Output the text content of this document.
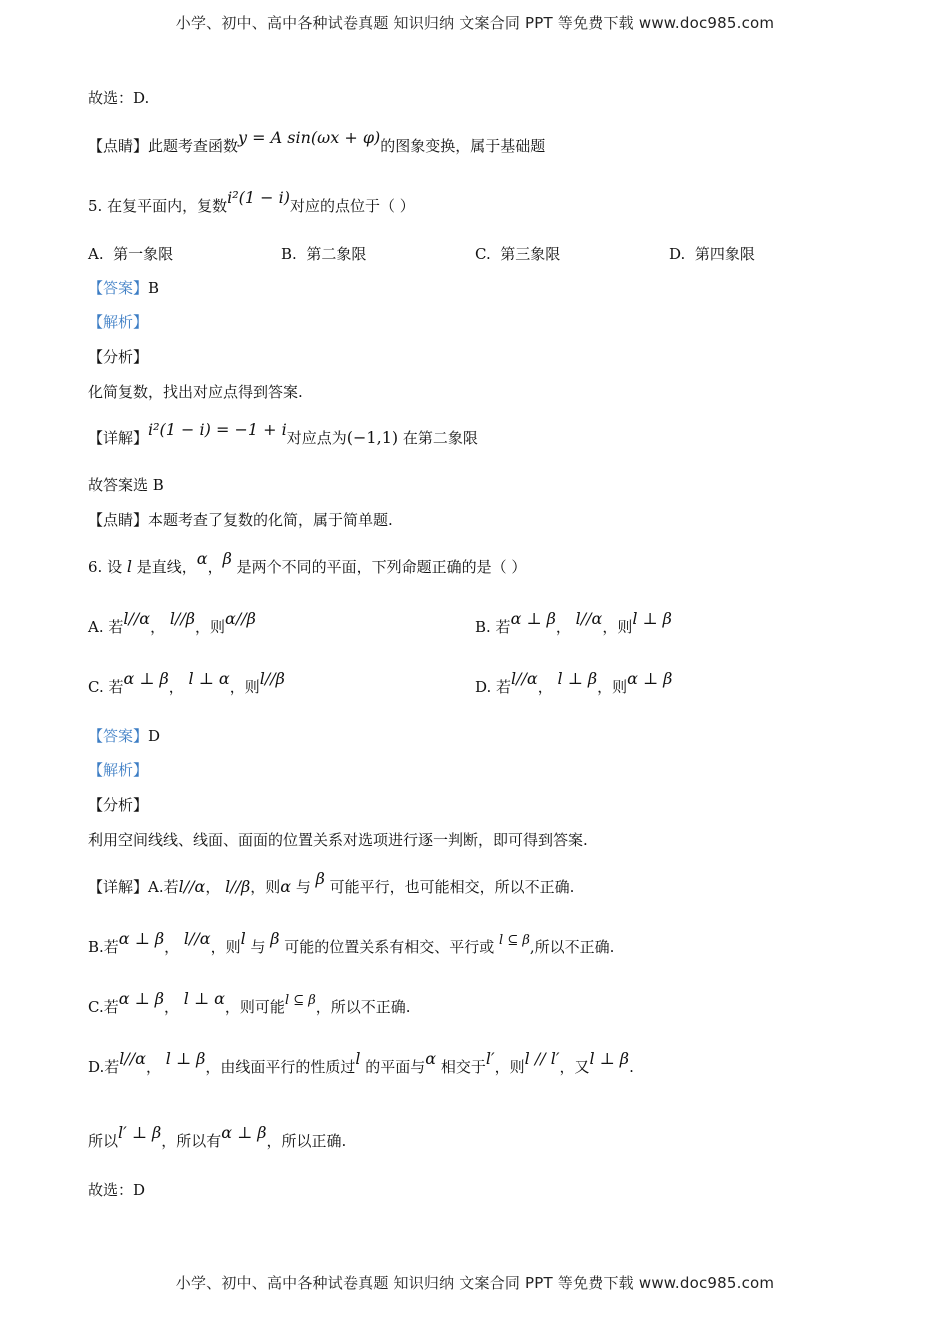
小学、初中、高中各种试卷真题 知识归纳 文案合同 PPT 等免费下载 www.doc985.com
故选：D.
【点睛】此题考查函数y = A sin(ωx + φ)的图象变换，属于基础题
5. 在复平面内，复数i²(1 − i)对应的点位于（ ）
A. 第一象限	B. 第二象限	C. 第三象限	D. 第四象限
【答案】B
【解析】
【分析】
化简复数，找出对应点得到答案.
【详解】i²(1 − i) = −1 + i对应点为(−1,1) 在第二象限
故答案选 B
【点睛】本题考查了复数的化简，属于简单题.
6. 设 l 是直线，α，β 是两个不同的平面，下列命题正确的是（ ）
A. 若l//α， l//β，则α//β	B. 若α ⊥ β， l//α，则l ⊥ β
C. 若α ⊥ β， l ⊥ α，则l//β	D. 若l//α， l ⊥ β，则α ⊥ β
【答案】D
【解析】
【分析】
利用空间线线、线面、面面的位置关系对选项进行逐一判断，即可得到答案.
【详解】A.若l//α， l//β，则α 与 β 可能平行，也可能相交，所以不正确.
B.若α ⊥ β， l//α，则l 与 β 可能的位置关系有相交、平行或 l ⊆ β,所以不正确.
C.若α ⊥ β， l ⊥ α，则可能l ⊆ β，所以不正确.
D.若l//α， l ⊥ β，由线面平行的性质过l 的平面与α 相交于l′，则l // l′，又l ⊥ β.
所以l′ ⊥ β，所以有α ⊥ β，所以正确.
故选：D
小学、初中、高中各种试卷真题 知识归纳 文案合同 PPT 等免费下载 www.doc985.com
